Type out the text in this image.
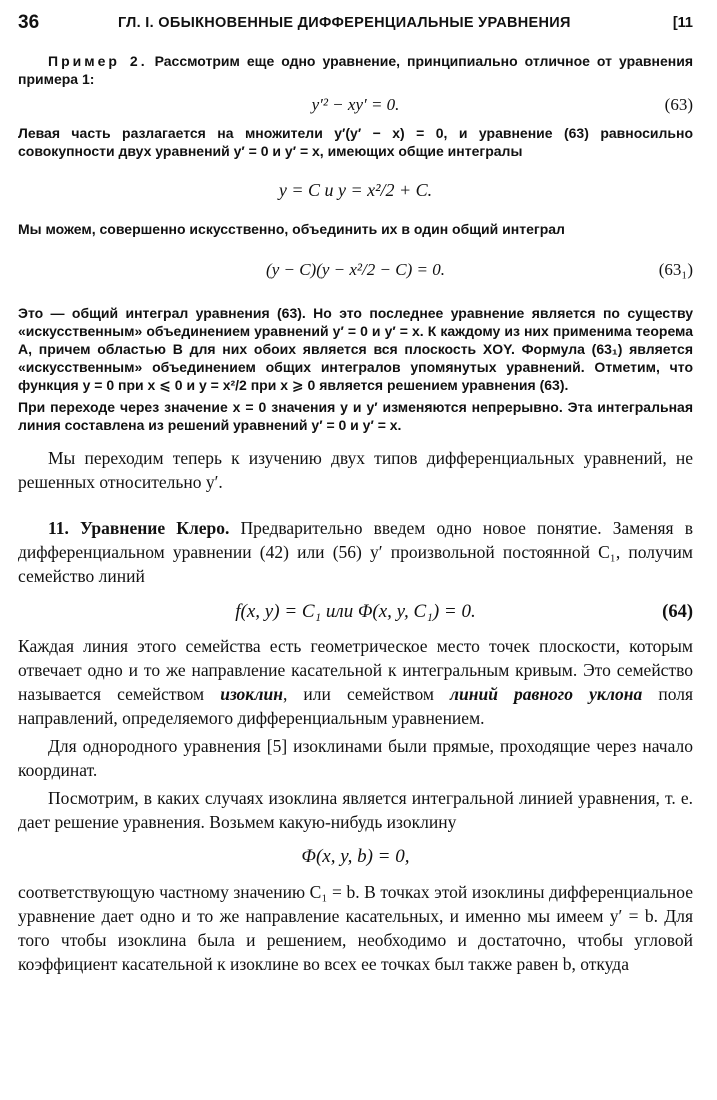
36	ГЛ. I. ОБЫКНОВЕННЫЕ ДИФФЕРЕНЦИАЛЬНЫЕ УРАВНЕНИЯ	[11

Пример 2. Рассмотрим еще одно уравнение, принципиально отличное от уравнения примера 1:

y′² − xy′ = 0.	(63)

Левая часть разлагается на множители y′(y′ − x) = 0, и уравнение (63) равносильно совокупности двух уравнений y′ = 0 и y′ = x, имеющих общие интегралы

y = C и y = x²/2 + C.

Мы можем, совершенно искусственно, объединить их в один общий интеграл

(y − C)(y − x²/2 − C) = 0.	(63₁)

Это — общий интеграл уравнения (63). Но это последнее уравнение является по существу «искусственным» объединением уравнений y′ = 0 и y′ = x. К каждому из них применима теорема А, причем областью B для них обоих является вся плоскость XOY. Формула (63₁) является «искусственным» объединением общих интегралов упомянутых уравнений. Отметим, что функция y = 0 при x ⩽ 0 и y = x²/2 при x ⩾ 0 является решением уравнения (63).

При переходе через значение x = 0 значения y и y′ изменяются непрерывно. Эта интегральная линия составлена из решений уравнений y′ = 0 и y′ = x.

Мы переходим теперь к изучению двух типов дифференциальных уравнений, не решенных относительно y′.

11. Уравнение Клеро. Предварительно введем одно новое понятие. Заменяя в дифференциальном уравнении (42) или (56) y′ произвольной постоянной C₁, получим семейство линий

f(x, y) = C₁ или Φ(x, y, C₁) = 0.	(64)

Каждая линия этого семейства есть геометрическое место точек плоскости, которым отвечает одно и то же направление касательной к интегральным кривым. Это семейство называется семейством изоклин, или семейством линий равного уклона поля направлений, определяемого дифференциальным уравнением.

Для однородного уравнения [5] изоклинами были прямые, проходящие через начало координат.

Посмотрим, в каких случаях изоклина является интегральной линией уравнения, т. е. дает решение уравнения. Возьмем какую-нибудь изоклину

Φ(x, y, b) = 0,

соответствующую частному значению C₁ = b. В точках этой изоклины дифференциальное уравнение дает одно и то же направление касательных, и именно мы имеем y′ = b. Для того чтобы изоклина была и решением, необходимо и достаточно, чтобы угловой коэффициент касательной к изоклине во всех ее точках был также равен b, откуда
